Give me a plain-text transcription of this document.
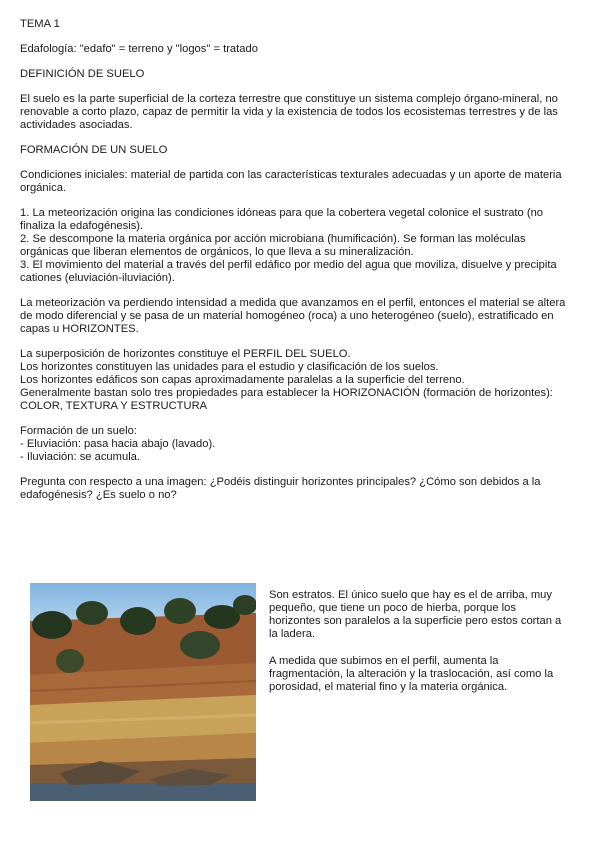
TEMA 1

Edafología: "edafo" = terreno y "logos" = tratado

DEFINICIÓN DE SUELO

El suelo es la parte superficial de la corteza terrestre que constituye un sistema complejo órgano-mineral, no renovable a corto plazo, capaz de permitir la vida y la existencia de todos los ecosistemas terrestres y de las actividades asociadas.

FORMACIÓN DE UN SUELO

Condiciones iniciales: material de partida con las características texturales adecuadas y un aporte de materia orgánica.

1. La meteorización origina las condiciones idóneas para que la cobertera vegetal colonice el sustrato (no finaliza la edafogénesis).

2. Se descompone la materia orgánica por acción microbiana (humificación). Se forman las moléculas orgánicas que liberan elementos de orgánicos, lo que lleva a su mineralización.

3. El movimiento del material a través del perfil edáfico por medio del agua que moviliza, disuelve y precipita cationes (eluviación-iluviación).

La meteorización va perdiendo intensidad a medida que avanzamos en el perfil, entonces el material se altera de modo diferencial y se pasa de un material homogéneo (roca) a uno heterogéneo (suelo), estratificado en capas u HORIZONTES.

La superposición de horizontes constituye el PERFIL DEL SUELO.

Los horizontes constituyen las unidades para el estudio y clasificación de los suelos.

Los horizontes edáficos son capas aproximadamente paralelas a la superficie del terreno.

Generalmente bastan solo tres propiedades para establecer la HORIZONACIÓN (formación de horizontes):

COLOR, TEXTURA Y ESTRUCTURA

Formación de un suelo:

- Eluviación: pasa hacia abajo (lavado).

- Iluviación: se acumula.

Pregunta con respecto a una imagen: ¿Podéis distinguir horizontes principales? ¿Cómo son debidos a la edafogénesis? ¿Es suelo o no?

Son estratos. El único suelo que hay es el de arriba, muy pequeño, que tiene un poco de hierba, porque los horizontes son paralelos a la superficie pero estos cortan a la ladera.

A medida que subimos en el perfil, aumenta la fragmentación, la alteración y la traslocación, así como la porosidad, el material fino y la materia orgánica.
